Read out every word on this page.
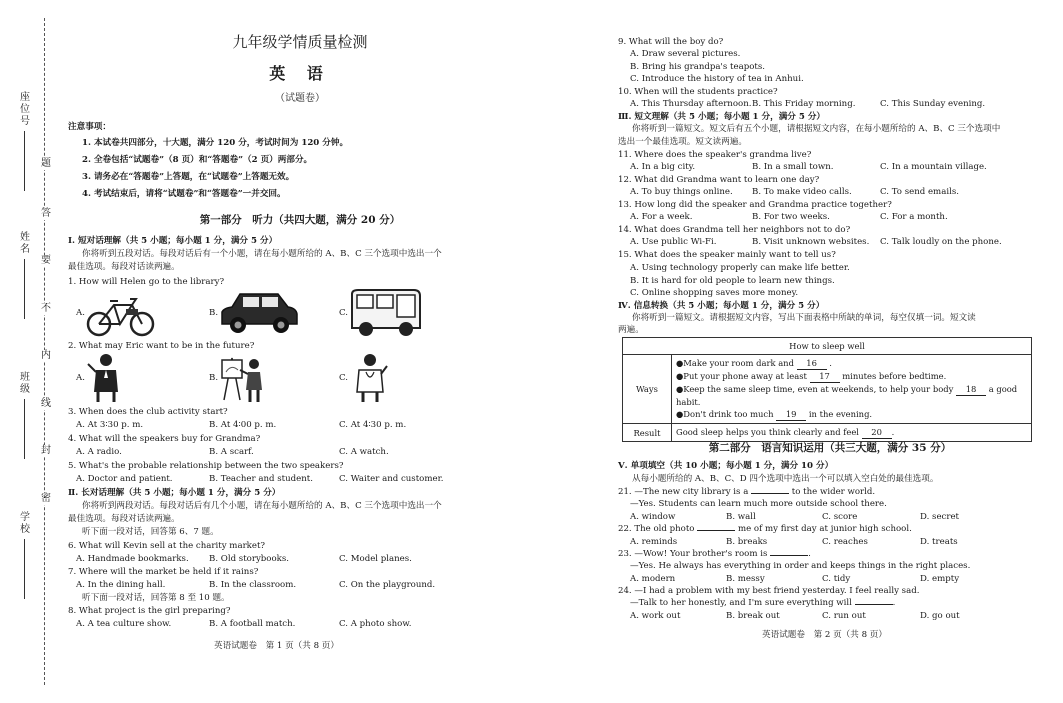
题
答
要
不
内
线
封
密
座位号
姓名
班级
学校
九年级学情质量检测
英 语
（试题卷）
注意事项：
1. 本试卷共四部分，十大题，满分 120 分，考试时间为 120 分钟。
2. 全卷包括“试题卷”（8 页）和“答题卷”（2 页）两部分。
3. 请务必在“答题卷”上答题，在“试题卷”上答题无效。
4. 考试结束后，请将“试题卷”和“答题卷”一并交回。
第一部分　听力（共四大题，满分 20 分）
Ⅰ. 短对话理解（共 5 小题；每小题 1 分，满分 5 分）
你将听到五段对话。每段对话后有一个小题，请在每小题所给的 A、B、C 三个选项中选出一个
最佳选项。每段对话读两遍。
1. How will Helen go to the library?
A.	B.	C.
2. What may Eric want to be in the future?
A.	B.	C.
3. When does the club activity start?
A. At 3∶30 p. m.	B. At 4∶00 p. m.	C. At 4∶30 p. m.
4. What will the speakers buy for Grandma?
A. A radio.	B. A scarf.	C. A watch.
5. What's the probable relationship between the two speakers?
A. Doctor and patient.	B. Teacher and student.	C. Waiter and customer.
Ⅱ. 长对话理解（共 5 小题；每小题 1 分，满分 5 分）
你将听到两段对话。每段对话后有几个小题，请在每小题所给的 A、B、C 三个选项中选出一个
最佳选项。每段对话读两遍。
听下面一段对话，回答第 6、7 题。
6. What will Kevin sell at the charity market?
A. Handmade bookmarks. B. Old storybooks.	C. Model planes.
7. Where will the market be held if it rains?
A. In the dining hall.	B. In the classroom.	C. On the playground.
听下面一段对话，回答第 8 至 10 题。
8. What project is the girl preparing?
A. A tea culture show.	B. A football match.	C. A photo show.
英语试题卷　第 1 页（共 8 页）
9. What will the boy do?
A. Draw several pictures.
B. Bring his grandpa's teapots.
C. Introduce the history of tea in Anhui.
10. When will the students practice?
A. This Thursday afternoon. B. This Friday morning.	C. This Sunday evening.
Ⅲ. 短文理解（共 5 小题；每小题 1 分，满分 5 分）
你将听到一篇短文。短文后有五个小题，请根据短文内容，在每小题所给的 A、B、C 三个选项中
选出一个最佳选项。短文读两遍。
11. Where does the speaker's grandma live?
A. In a big city.	B. In a small town.	C. In a mountain village.
12. What did Grandma want to learn one day?
A. To buy things online. B. To make video calls.	C. To send emails.
13. How long did the speaker and Grandma practice together?
A. For a week.	B. For two weeks.	C. For a month.
14. What does Grandma tell her neighbors not to do?
A. Use public Wi-Fi.	B. Visit unknown websites. C. Talk loudly on the phone.
15. What does the speaker mainly want to tell us?
A. Using technology properly can make life better.
B. It is hard for old people to learn new things.
C. Online shopping saves more money.
Ⅳ. 信息转换（共 5 小题；每小题 1 分，满分 5 分）
你将听到一篇短文。请根据短文内容，写出下面表格中所缺的单词，每空仅填一词。短文读
两遍。
How to sleep well	
Ways	●Make your room dark and 16 .
●Put your phone away at least 17 minutes before bedtime.
●Keep the same sleep time, even at weekends, to help your body 18 a good habit.
●Don't drink too much 19 in the evening.

Result	Good sleep helps you think clearly and feel 20 .
第二部分　语言知识运用（共三大题，满分 35 分）
Ⅴ. 单项填空（共 10 小题；每小题 1 分，满分 10 分）
从每小题所给的 A、B、C、D 四个选项中选出一个可以填入空白处的最佳选项。
21. —The new city library is a	to the wider world.
—Yes. Students can learn much more outside school there.
A. window	B. wall	C. score	D. secret
22. The old photo	me of my first day at junior high school.
A. reminds	B. breaks	C. reaches	D. treats
23. —Wow! Your brother's room is	.
—Yes. He always has everything in order and keeps things in the right places.
A. modern	B. messy	C. tidy	D. empty
24. —I had a problem with my best friend yesterday. I feel really sad.
—Talk to her honestly, and I'm sure everything will	.
A. work out	B. break out	C. run out	D. go out
英语试题卷　第 2 页（共 8 页）
